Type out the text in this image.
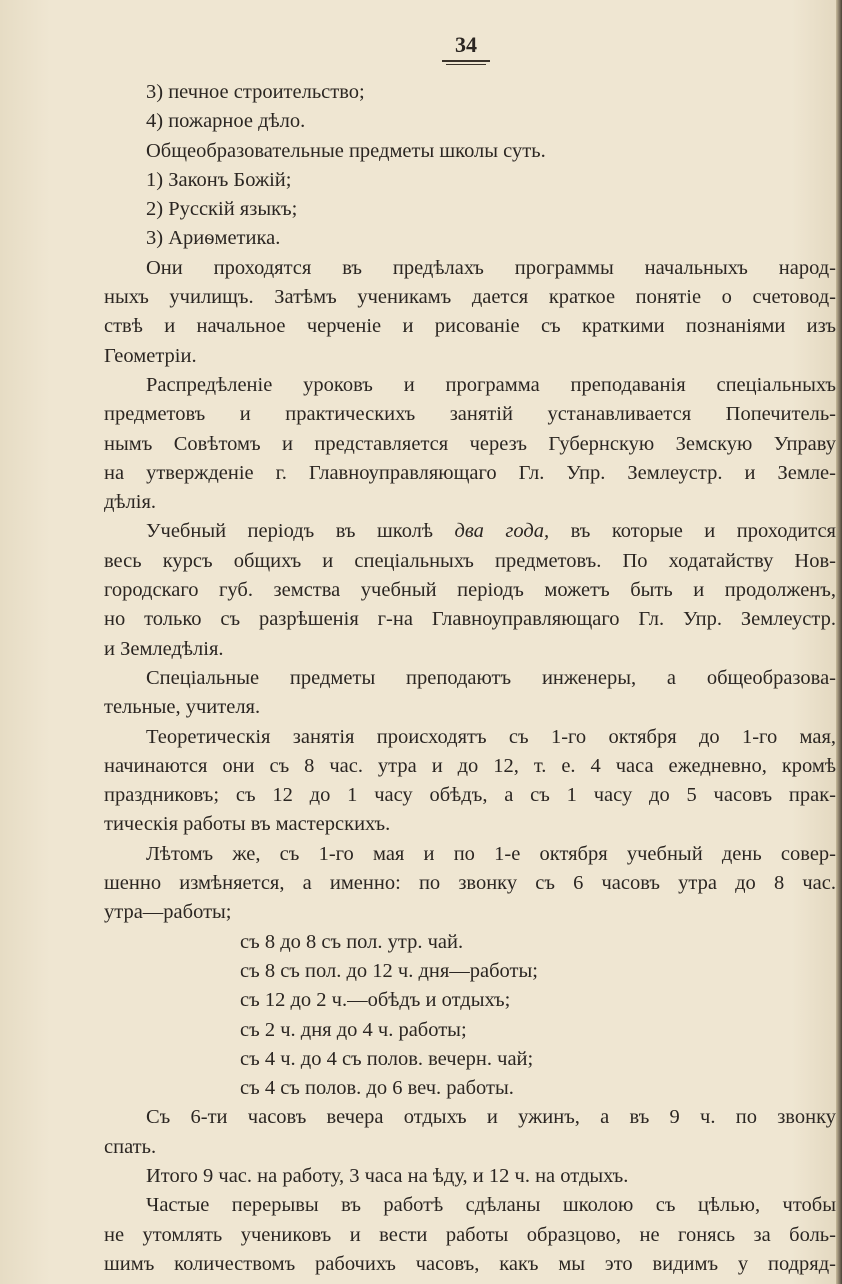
34
3) печное строительство;
4) пожарное дѣло.
Общеобразовательные предметы школы суть.
1) Законъ Божій;
2) Русскій языкъ;
3) Ариѳметика.
Они проходятся въ предѣлахъ программы начальныхъ народ-
ныхъ училищъ. Затѣмъ ученикамъ дается краткое понятіе о счетовод-
ствѣ и начальное черченіе и рисованіе съ краткими познаніями изъ
Геометріи.
Распредѣленіе уроковъ и программа преподаванія спеціальныхъ
предметовъ и практическихъ занятій устанавливается Попечитель-
нымъ Совѣтомъ и представляется черезъ Губернскую Земскую Управу
на утвержденіе г. Главноуправляющаго Гл. Упр. Землеустр. и Земле-
дѣлія.
Учебный періодъ въ школѣ два года, въ которые и проходится
весь курсъ общихъ и спеціальныхъ предметовъ. По ходатайству Нов-
городскаго губ. земства учебный періодъ можетъ быть и продолженъ,
но только съ разрѣшенія г-на Главноуправляющаго Гл. Упр. Землеустр.
и Земледѣлія.
Спеціальные предметы преподаютъ инженеры, а общеобразова-
тельные, учителя.
Теоретическія занятія происходятъ съ 1-го октября до 1-го мая,
начинаются они съ 8 час. утра и до 12, т. е. 4 часа ежедневно, кромѣ
праздниковъ; съ 12 до 1 часу обѣдъ, а съ 1 часу до 5 часовъ прак-
тическія работы въ мастерскихъ.
Лѣтомъ же, съ 1-го мая и по 1-е октября учебный день совер-
шенно измѣняется, а именно: по звонку съ 6 часовъ утра до 8 час.
утра—работы;
съ 8 до 8 съ пол. утр. чай.
съ 8 съ пол. до 12 ч. дня—работы;
съ 12 до 2 ч.—обѣдъ и отдыхъ;
съ 2 ч. дня до 4 ч. работы;
съ 4 ч. до 4 съ полов. вечерн. чай;
съ 4 съ полов. до 6 веч. работы.
Съ 6-ти часовъ вечера отдыхъ и ужинъ, а въ 9 ч. по звонку
спать.
Итого 9 час. на работу, 3 часа на ѣду, и 12 ч. на отдыхъ.
Частые перерывы въ работѣ сдѣланы школою съ цѣлью, чтобы
не утомлять учениковъ и вести работы образцово, не гонясь за боль-
шимъ количествомъ рабочихъ часовъ, какъ мы это видимъ у подряд-
